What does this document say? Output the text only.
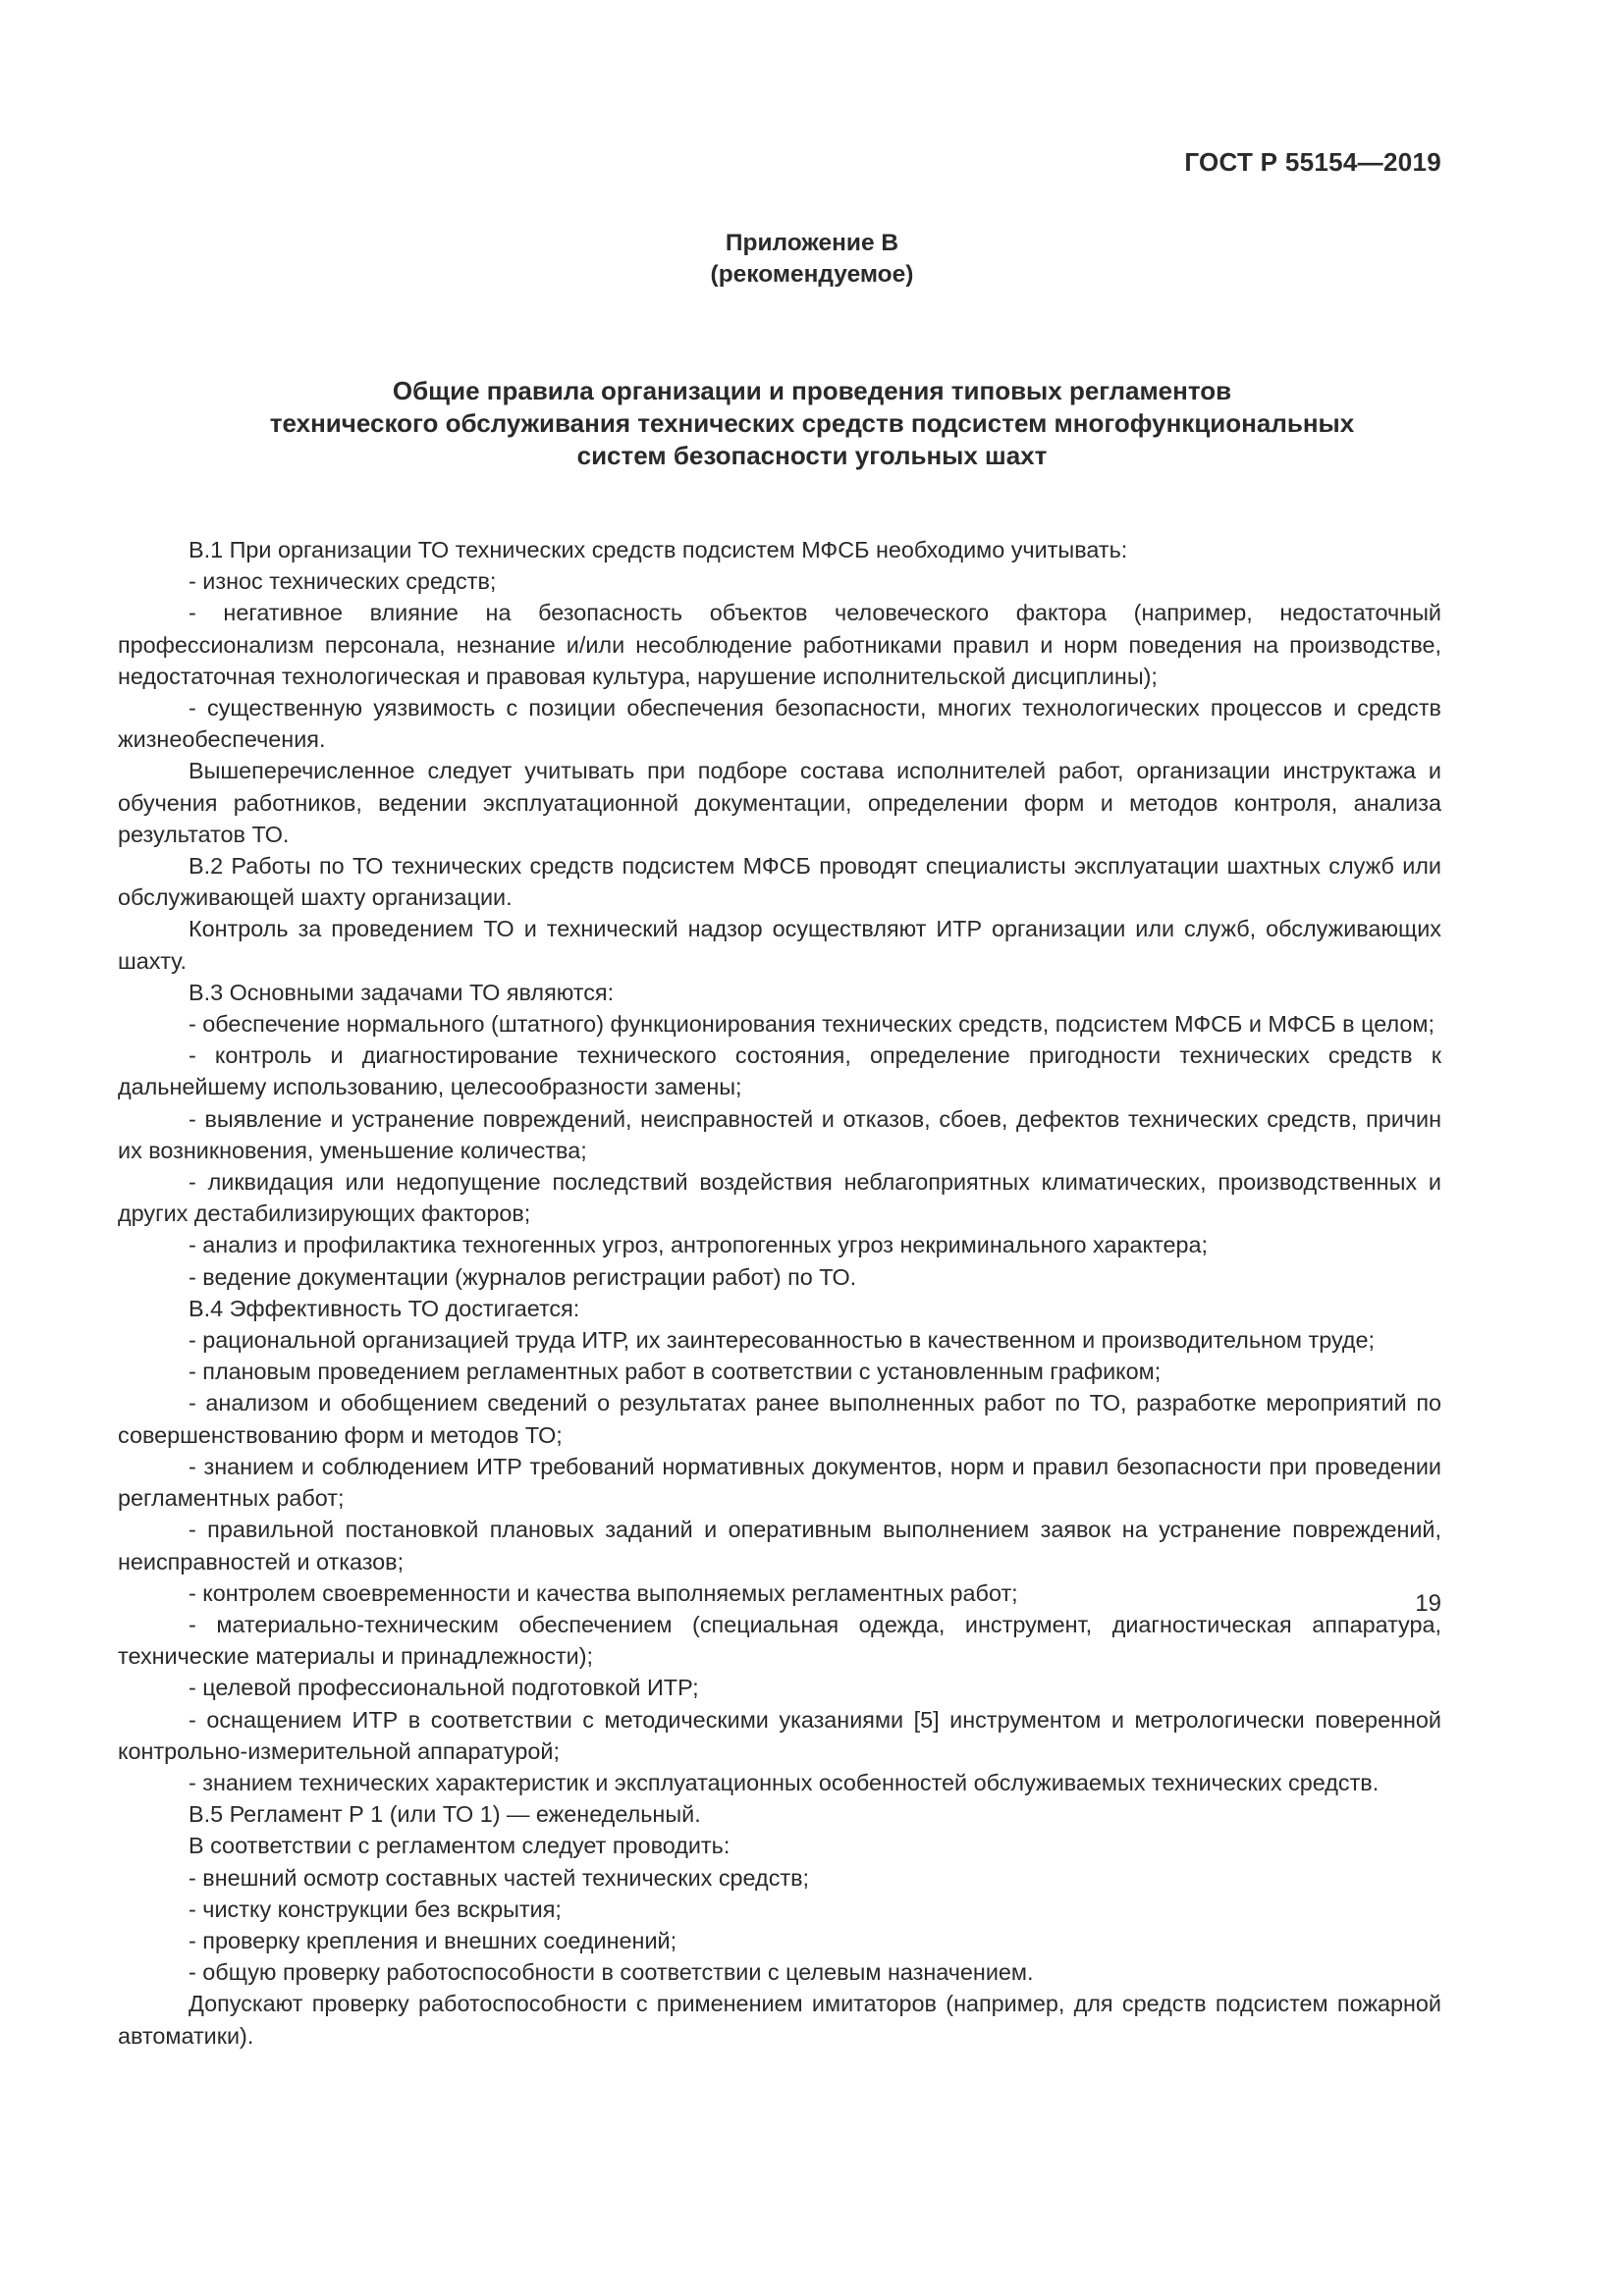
ГОСТ Р 55154—2019
Приложение В
(рекомендуемое)
Общие правила организации и проведения типовых регламентов
технического обслуживания технических средств подсистем многофункциональных
систем безопасности угольных шахт

В.1 При организации ТО технических средств подсистем МФСБ необходимо учитывать:

- износ технических средств;

- негативное влияние на безопасность объектов человеческого фактора (например, недостаточный профессионализм персонала, незнание и/или несоблюдение работниками правил и норм поведения на производстве, недостаточная технологическая и правовая культура, нарушение исполнительской дисциплины);

- существенную уязвимость с позиции обеспечения безопасности, многих технологических процессов и средств жизнеобеспечения.

Вышеперечисленное следует учитывать при подборе состава исполнителей работ, организации инструктажа и обучения работников, ведении эксплуатационной документации, определении форм и методов контроля, анализа результатов ТО.

В.2 Работы по ТО технических средств подсистем МФСБ проводят специалисты эксплуатации шахтных служб или обслуживающей шахту организации.

Контроль за проведением ТО и технический надзор осуществляют ИТР организации или служб, обслуживающих шахту.

В.3 Основными задачами ТО являются:

- обеспечение нормального (штатного) функционирования технических средств, подсистем МФСБ и МФСБ в целом;

- контроль и диагностирование технического состояния, определение пригодности технических средств к дальнейшему использованию, целесообразности замены;

- выявление и устранение повреждений, неисправностей и отказов, сбоев, дефектов технических средств, причин их возникновения, уменьшение количества;

- ликвидация или недопущение последствий воздействия неблагоприятных климатических, производственных и других дестабилизирующих факторов;

- анализ и профилактика техногенных угроз, антропогенных угроз некриминального характера;

- ведение документации (журналов регистрации работ) по ТО.

В.4 Эффективность ТО достигается:

- рациональной организацией труда ИТР, их заинтересованностью в качественном и производительном труде;

- плановым проведением регламентных работ в соответствии с установленным графиком;

- анализом и обобщением сведений о результатах ранее выполненных работ по ТО, разработке мероприятий по совершенствованию форм и методов ТО;

- знанием и соблюдением ИТР требований нормативных документов, норм и правил безопасности при проведении регламентных работ;

- правильной постановкой плановых заданий и оперативным выполнением заявок на устранение повреждений, неисправностей и отказов;

- контролем своевременности и качества выполняемых регламентных работ;

- материально-техническим обеспечением (специальная одежда, инструмент, диагностическая аппаратура, технические материалы и принадлежности);

- целевой профессиональной подготовкой ИТР;

- оснащением ИТР в соответствии с методическими указаниями [5] инструментом и метрологически поверенной контрольно-измерительной аппаратурой;

- знанием технических характеристик и эксплуатационных особенностей обслуживаемых технических средств.

В.5 Регламент Р 1 (или ТО 1) — еженедельный.

В соответствии с регламентом следует проводить:

- внешний осмотр составных частей технических средств;

- чистку конструкции без вскрытия;

- проверку крепления и внешних соединений;

- общую проверку работоспособности в соответствии с целевым назначением.

Допускают проверку работоспособности с применением имитаторов (например, для средств подсистем пожарной автоматики).

19
